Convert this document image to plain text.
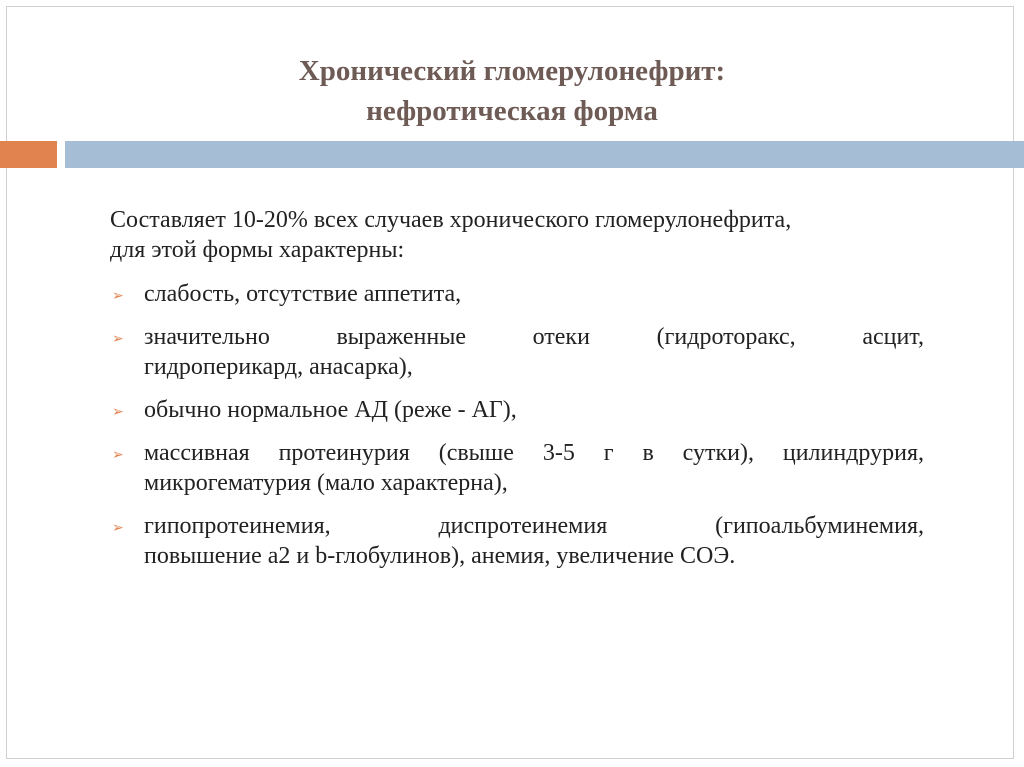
Хронический гломерулонефрит:
нефротическая форма

Составляет 10-20% всех случаев хронического гломерулонефрита,
для этой формы характерны:

➢ слабость, отсутствие аппетита,
➢ значительно выраженные отеки (гидроторакс, асцит,
гидроперикард, анасарка),
➢ обычно нормальное АД (реже - АГ),
➢ массивная протеинурия (свыше 3-5 г в сутки), цилиндрурия,
микрогематурия (мало характерна),
➢ гипопротеинемия, диспротеинемия (гипоальбуминемия,
повышение а2 и b-глобулинов), анемия, увеличение СОЭ.
